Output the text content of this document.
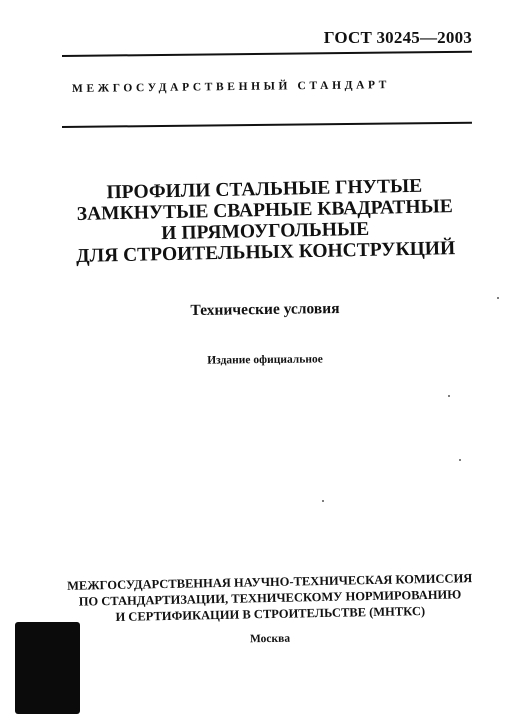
ГОСТ 30245—2003
МЕЖГОСУДАРСТВЕННЫЙ СТАНДАРТ
ПРОФИЛИ СТАЛЬНЫЕ ГНУТЫЕ
ЗАМКНУТЫЕ СВАРНЫЕ КВАДРАТНЫЕ
И ПРЯМОУГОЛЬНЫЕ
ДЛЯ СТРОИТЕЛЬНЫХ КОНСТРУКЦИЙ
Технические условия
Издание официальное
МЕЖГОСУДАРСТВЕННАЯ НАУЧНО-ТЕХНИЧЕСКАЯ КОМИССИЯ
ПО СТАНДАРТИЗАЦИИ, ТЕХНИЧЕСКОМУ НОРМИРОВАНИЮ
И СЕРТИФИКАЦИИ В СТРОИТЕЛЬСТВЕ (МНТКС)
Москва
